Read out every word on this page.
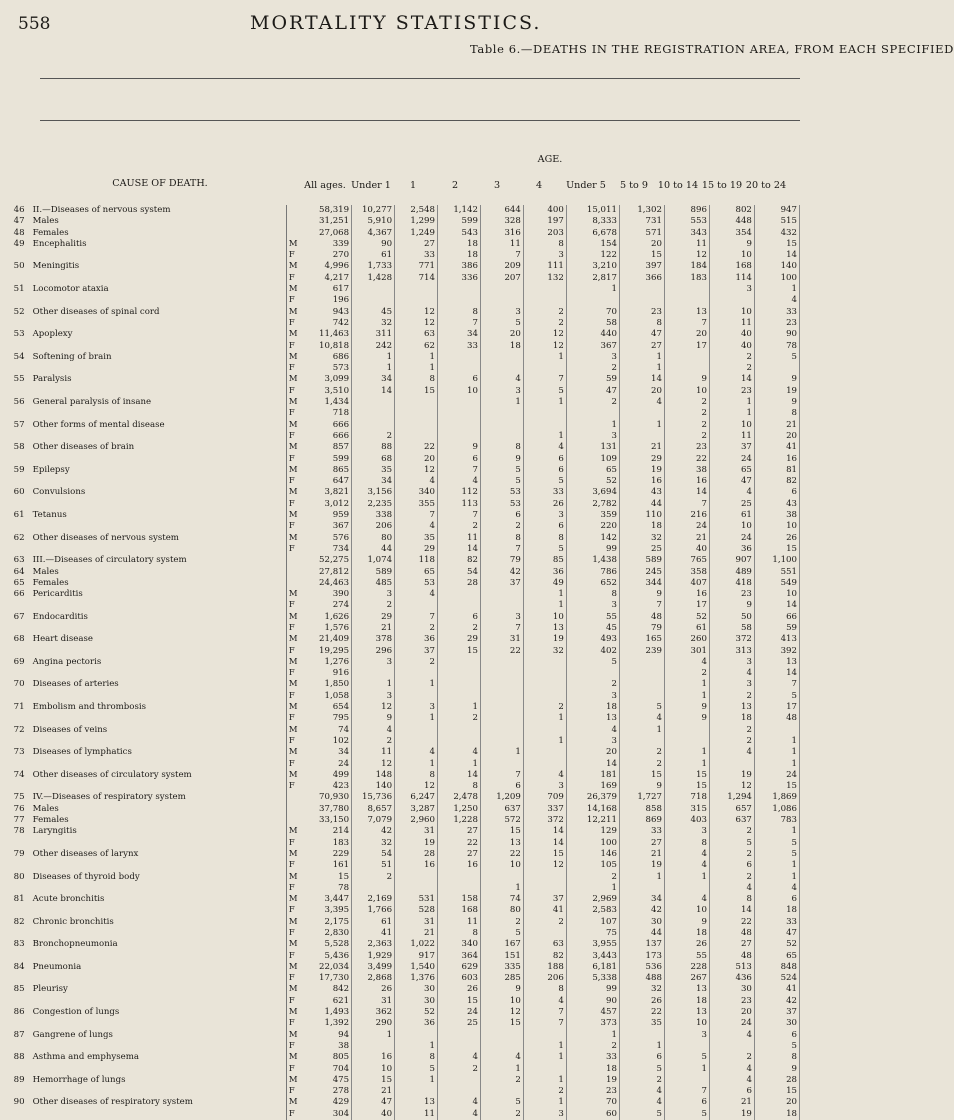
558	MORTALITY STATISTICS.
Table 6.—DEATHS IN THE REGISTRATION AREA, FROM EACH SPECIFIED
AGE.
CAUSE OF DEATH.	All ages. Under 1	1	2	3	4	Under 5	5 to 9	10 to 14 15 to 19 20 to 24
46	II.—Diseases of nervous system		58,319	10,277	2,548	1,142	644	400	15,011	1,302	896	802	947
47	Males		31,251	5,910	1,299	599	328	197	8,333	731	553	448	515
48	Females		27,068	4,367	1,249	543	316	203	6,678	571	343	354	432
49	Encephalitis	M	339	90	27	18	11	8	154	20	11	9	15
		F	270	61	33	18	7	3	122	15	12	10	14
50	Meningitis	M	4,996	1,733	771	386	209	111	3,210	397	184	168	140
		F	4,217	1,428	714	336	207	132	2,817	366	183	114	100
51	Locomotor ataxia	M	617						1			3	1
		F	196										4
52	Other diseases of spinal cord	M	943	45	12	8	3	2	70	23	13	10	33
		F	742	32	12	7	5	2	58	8	7	11	23
53	Apoplexy	M	11,463	311	63	34	20	12	440	47	20	40	90
		F	10,818	242	62	33	18	12	367	27	17	40	78
54	Softening of brain	M	686	1	1			1	3	1		2	5
		F	573	1	1				2	1		2	
55	Paralysis	M	3,099	34	8	6	4	7	59	14	9	14	9
		F	3,510	14	15	10	3	5	47	20	10	23	19
56	General paralysis of insane	M	1,434				1	1	2	4	2	1	9
		F	718								2	1	8
57	Other forms of mental disease	M	666						1	1	2	10	21
		F	666	2				1	3		2	11	20
58	Other diseases of brain	M	857	88	22	9	8	4	131	21	23	37	41
		F	599	68	20	6	9	6	109	29	22	24	16
59	Epilepsy	M	865	35	12	7	5	6	65	19	38	65	81
		F	647	34	4	4	5	5	52	16	16	47	82
60	Convulsions	M	3,821	3,156	340	112	53	33	3,694	43	14	4	6
		F	3,012	2,235	355	113	53	26	2,782	44	7	25	43
61	Tetanus	M	959	338	7	7	6	3	359	110	216	61	38
		F	367	206	4	2	2	6	220	18	24	10	10
62	Other diseases of nervous system	M	576	80	35	11	8	8	142	32	21	24	26
		F	734	44	29	14	7	5	99	25	40	36	15
63	III.—Diseases of circulatory system		52,275	1,074	118	82	79	85	1,438	589	765	907	1,100
64	Males		27,812	589	65	54	42	36	786	245	358	489	551
65	Females		24,463	485	53	28	37	49	652	344	407	418	549
66	Pericarditis	M	390	3	4			1	8	9	16	23	10
		F	274	2				1	3	7	17	9	14
67	Endocarditis	M	1,626	29	7	6	3	10	55	48	52	50	66
		F	1,576	21	2	2	7	13	45	79	61	58	59
68	Heart disease	M	21,409	378	36	29	31	19	493	165	260	372	413
		F	19,295	296	37	15	22	32	402	239	301	313	392
69	Angina pectoris	M	1,276	3	2				5		4	3	13
		F	916								2	4	14
70	Diseases of arteries	M	1,850	1	1				2		1	3	7
		F	1,058	3					3		1	2	5
71	Embolism and thrombosis	M	654	12	3	1		2	18	5	9	13	17
		F	795	9	1	2		1	13	4	9	18	48
72	Diseases of veins	M	74	4					4	1		2	
		F	102	2				1	3			2	1
73	Diseases of lymphatics	M	34	11	4	4	1		20	2	1	4	1
		F	24	12	1	1			14	2	1		1
74	Other diseases of circulatory system	M	499	148	8	14	7	4	181	15	15	19	24
		F	423	140	12	8	6	3	169	9	15	12	15
75	IV.—Diseases of respiratory system		70,930	15,736	6,247	2,478	1,209	709	26,379	1,727	718	1,294	1,869
76	Males		37,780	8,657	3,287	1,250	637	337	14,168	858	315	657	1,086
77	Females		33,150	7,079	2,960	1,228	572	372	12,211	869	403	637	783
78	Laryngitis	M	214	42	31	27	15	14	129	33	3	2	1
		F	183	32	19	22	13	14	100	27	8	5	5
79	Other diseases of larynx	M	229	54	28	27	22	15	146	21	4	2	5
		F	161	51	16	16	10	12	105	19	4	6	1
80	Diseases of thyroid body	M	15	2					2	1	1	2	1
		F	78				1		1			4	4
81	Acute bronchitis	M	3,447	2,169	531	158	74	37	2,969	34	4	8	6
		F	3,395	1,766	528	168	80	41	2,583	42	10	14	18
82	Chronic bronchitis	M	2,175	61	31	11	2	2	107	30	9	22	33
		F	2,830	41	21	8	5		75	44	18	48	47
83	Bronchopneumonia	M	5,528	2,363	1,022	340	167	63	3,955	137	26	27	52
		F	5,436	1,929	917	364	151	82	3,443	173	55	48	65
84	Pneumonia	M	22,034	3,499	1,540	629	335	188	6,181	536	228	513	848
		F	17,730	2,868	1,376	603	285	206	5,338	488	267	436	524
85	Pleurisy	M	842	26	30	26	9	8	99	32	13	30	41
		F	621	31	30	15	10	4	90	26	18	23	42
86	Congestion of lungs	M	1,493	362	52	24	12	7	457	22	13	20	37
		F	1,392	290	36	25	15	7	373	35	10	24	30
87	Gangrene of lungs	M	94	1					1		3	4	6
		F	38		1			1	2	1			5
88	Asthma and emphysema	M	805	16	8	4	4	1	33	6	5	2	8
		F	704	10	5	2	1		18	5	1	4	9
89	Hemorrhage of lungs	M	475	15	1		2	1	19	2		4	28
		F	278	21				2	23	4	7	6	15
90	Other diseases of respiratory system	M	429	47	13	4	5	1	70	4	6	21	20
		F	304	40	11	4	2	3	60	5	5	19	18
